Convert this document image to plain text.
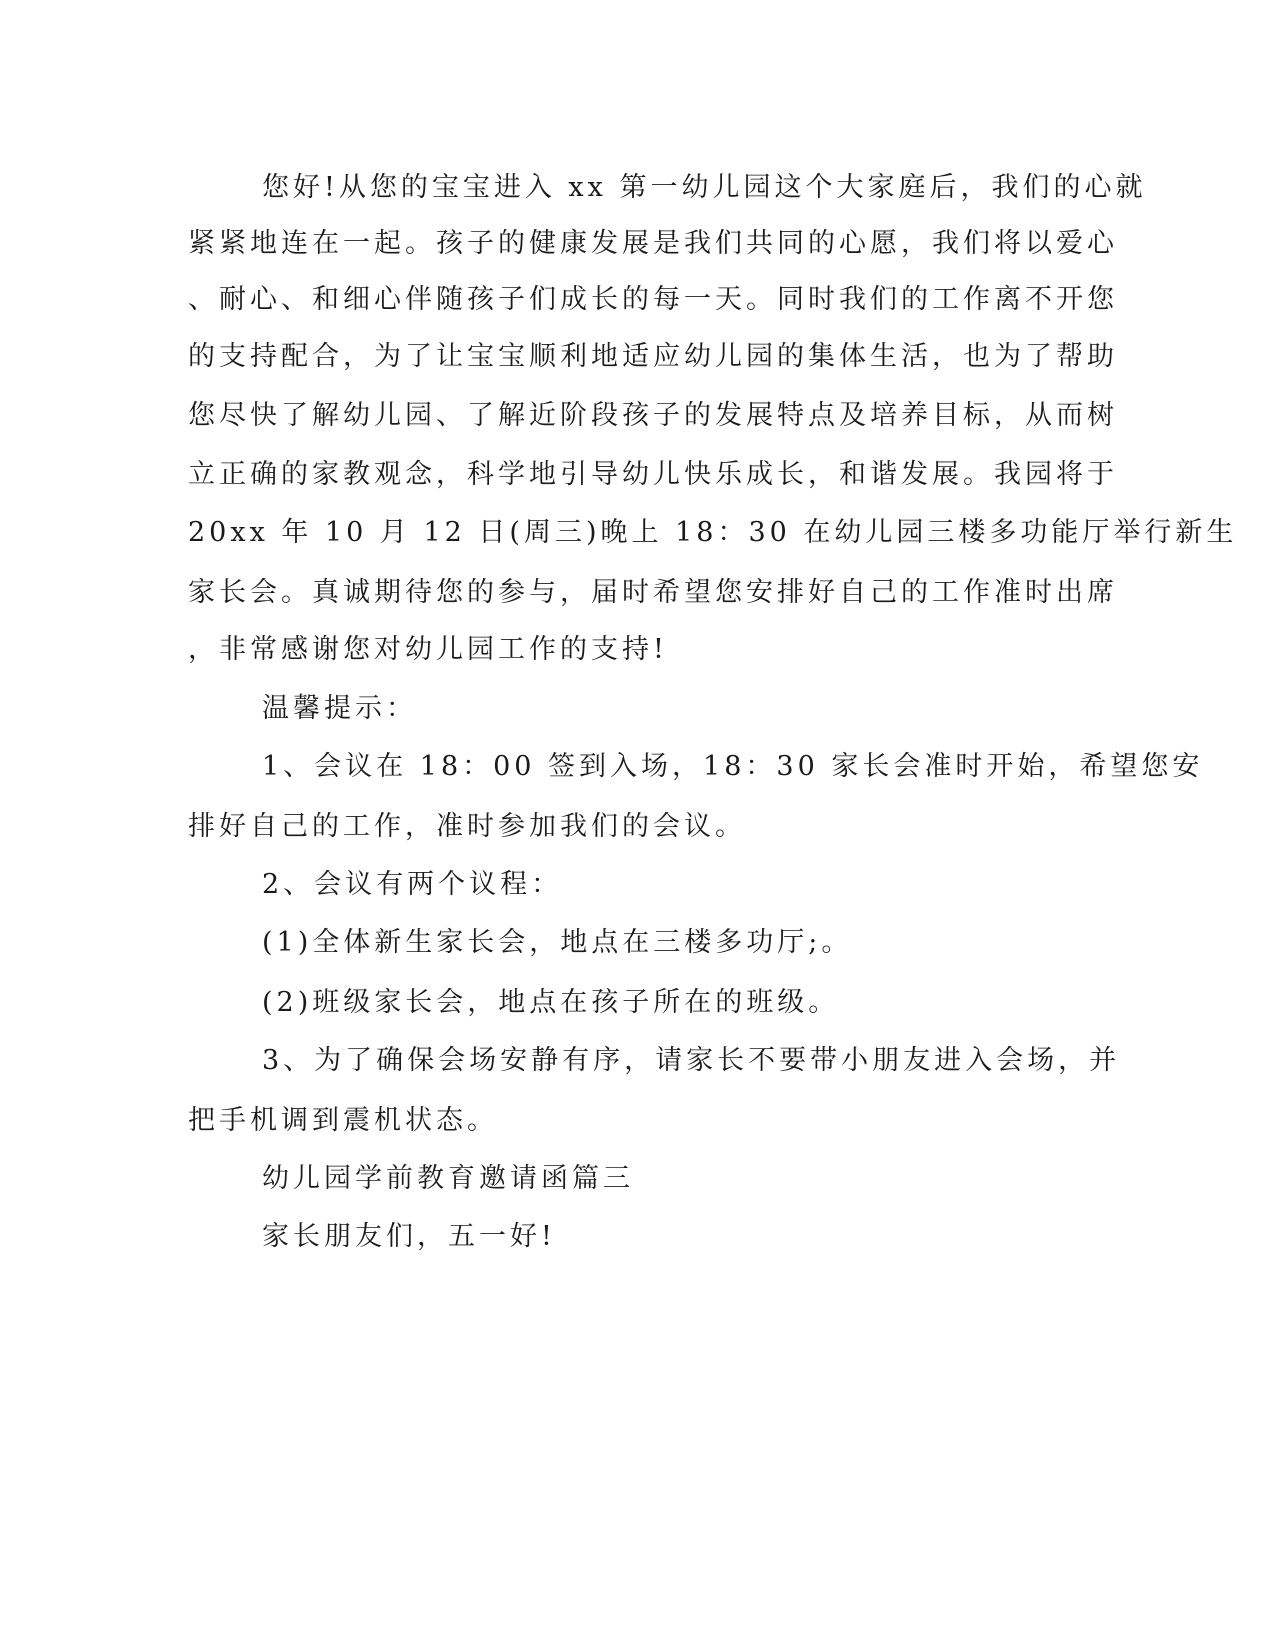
您好!从您的宝宝进入 xx 第一幼儿园这个大家庭后，我们的心就
紧紧地连在一起。孩子的健康发展是我们共同的心愿，我们将以爱心
、耐心、和细心伴随孩子们成长的每一天。同时我们的工作离不开您
的支持配合，为了让宝宝顺利地适应幼儿园的集体生活，也为了帮助
您尽快了解幼儿园、了解近阶段孩子的发展特点及培养目标，从而树
立正确的家教观念，科学地引导幼儿快乐成长，和谐发展。我园将于
20xx 年 10 月 12 日(周三)晚上 18：30 在幼儿园三楼多功能厅举行新生
家长会。真诚期待您的参与，届时希望您安排好自己的工作准时出席
，非常感谢您对幼儿园工作的支持!
温馨提示：
1、会议在 18：00 签到入场，18：30 家长会准时开始，希望您安
排好自己的工作，准时参加我们的会议。
2、会议有两个议程：
(1)全体新生家长会，地点在三楼多功厅;。
(2)班级家长会，地点在孩子所在的班级。
3、为了确保会场安静有序，请家长不要带小朋友进入会场，并
把手机调到震机状态。
幼儿园学前教育邀请函篇三
家长朋友们，五一好!
